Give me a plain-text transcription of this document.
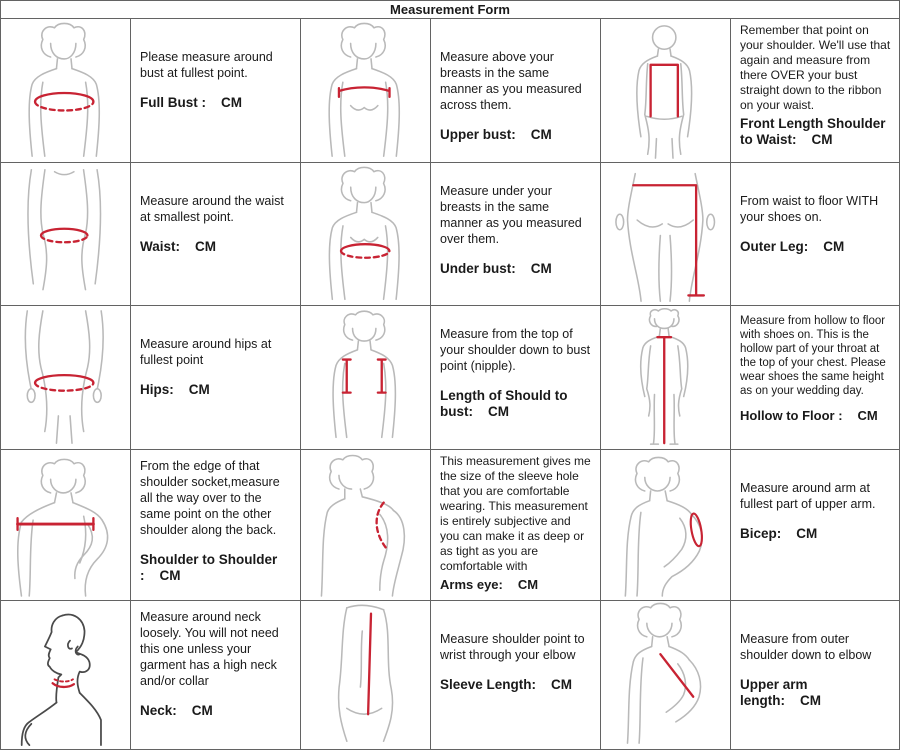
Measurement Form
Please measure around bust at fullest point.
Full Bust : CM
Measure above your breasts in the same manner as you measured across them.
Upper bust: CM
Remember that point on your shoulder. We'll use that again and measure from there OVER your bust straight down to the ribbon on your waist.
Front Length Shoulder to Waist: CM
Measure around the waist at smallest point.
Waist: CM
Measure under your breasts in the same manner as you measured over them.
Under bust: CM
From waist to floor WITH your shoes on.
Outer Leg: CM
Measure around hips at fullest point
Hips: CM
Measure from the top of your shoulder down to bust point (nipple).
Length of Should to bust: CM
Measure from hollow to floor with shoes on. This is the hollow part of your throat at the top of your chest. Please wear shoes the same height as on your wedding day.
Hollow to Floor : CM
From the edge of that shoulder socket,measure all the way over to the same point on the other shoulder along the back.
Shoulder to Shoulder : CM
This measurement gives me the size of the sleeve hole that you are comfortable wearing. This measurement is entirely subjective and you can make it as deep or as tight as you are comfortable with
Arms eye: CM
Measure around arm at fullest part of upper arm.
Bicep: CM
Measure around neck loosely. You will not need this one unless your garment has a high neck and/or collar
Neck: CM
Measure shoulder point to wrist through your elbow
Sleeve Length: CM
Measure from outer shoulder down to elbow
Upper arm length: CM
